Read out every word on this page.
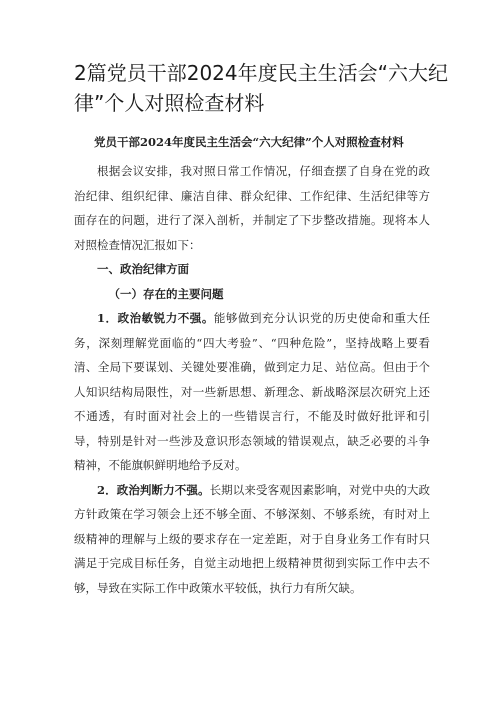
2篇党员干部2024年度民主生活会“六大纪律”个人对照检查材料

党员干部2024年度民主生活会“六大纪律”个人对照检查材料

根据会议安排，我对照日常工作情况，仔细查摆了自身在党的政治纪律、组织纪律、廉洁自律、群众纪律、工作纪律、生活纪律等方面存在的问题，进行了深入剖析，并制定了下步整改措施。现将本人对照检查情况汇报如下：

一、政治纪律方面

（一）存在的主要问题

1．政治敏锐力不强。能够做到充分认识党的历史使命和重大任务，深刻理解党面临的“四大考验”、“四种危险”，坚持战略上要看清、全局下要谋划、关键处要准确，做到定力足、站位高。但由于个人知识结构局限性，对一些新思想、新理念、新战略深层次研究上还不通透，有时面对社会上的一些错误言行，不能及时做好批评和引导，特别是针对一些涉及意识形态领域的错误观点，缺乏必要的斗争精神，不能旗帜鲜明地给予反对。

2．政治判断力不强。长期以来受客观因素影响，对党中央的大政方针政策在学习领会上还不够全面、不够深刻、不够系统，有时对上级精神的理解与上级的要求存在一定差距，对于自身业务工作有时只满足于完成目标任务，自觉主动地把上级精神贯彻到实际工作中去不够，导致在实际工作中政策水平较低，执行力有所欠缺。
